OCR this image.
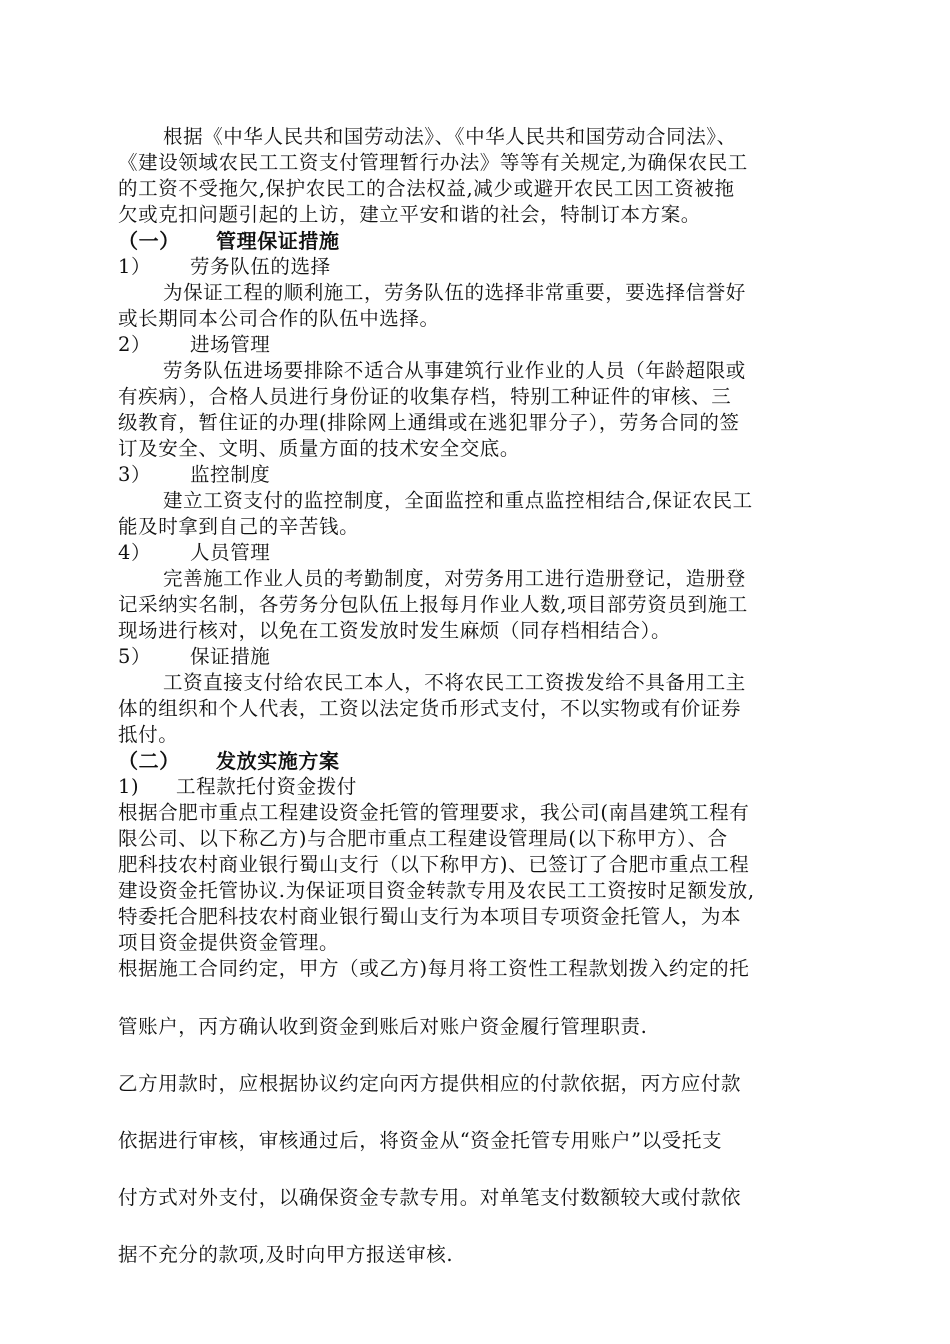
根据《中华人民共和国劳动法》、《中华人民共和国劳动合同法》、
《建设领域农民工工资支付管理暂行办法》等等有关规定,为确保农民工
的工资不受拖欠,保护农民工的合法权益,减少或避开农民工因工资被拖
欠或克扣问题引起的上访，建立平安和谐的社会，特制订本方案。
（一） 管理保证措施
1） 劳务队伍的选择
为保证工程的顺利施工，劳务队伍的选择非常重要，要选择信誉好
或长期同本公司合作的队伍中选择。
2） 进场管理
劳务队伍进场要排除不适合从事建筑行业作业的人员（年龄超限或
有疾病），合格人员进行身份证的收集存档，特别工种证件的审核、三
级教育，暂住证的办理(排除网上通缉或在逃犯罪分子），劳务合同的签
订及安全、文明、质量方面的技术安全交底。
3） 监控制度
建立工资支付的监控制度，全面监控和重点监控相结合,保证农民工
能及时拿到自己的辛苦钱。
4） 人员管理
完善施工作业人员的考勤制度，对劳务用工进行造册登记，造册登
记采纳实名制，各劳务分包队伍上报每月作业人数,项目部劳资员到施工
现场进行核对，以免在工资发放时发生麻烦（同存档相结合）。
5） 保证措施
工资直接支付给农民工本人，不将农民工工资拨发给不具备用工主
体的组织和个人代表，工资以法定货币形式支付，不以实物或有价证券
抵付。
（二） 发放实施方案
1) 工程款托付资金拨付
根据合肥市重点工程建设资金托管的管理要求，我公司(南昌建筑工程有
限公司、以下称乙方)与合肥市重点工程建设管理局(以下称甲方）、合
肥科技农村商业银行蜀山支行（以下称甲方)、已签订了合肥市重点工程
建设资金托管协议.为保证项目资金转款专用及农民工工资按时足额发放,
特委托合肥科技农村商业银行蜀山支行为本项目专项资金托管人，为本
项目资金提供资金管理。
根据施工合同约定，甲方（或乙方)每月将工资性工程款划拨入约定的托
管账户，丙方确认收到资金到账后对账户资金履行管理职责.
乙方用款时，应根据协议约定向丙方提供相应的付款依据，丙方应付款
依据进行审核，审核通过后，将资金从“资金托管专用账户”以受托支
付方式对外支付，以确保资金专款专用。对单笔支付数额较大或付款依
据不充分的款项,及时向甲方报送审核.
